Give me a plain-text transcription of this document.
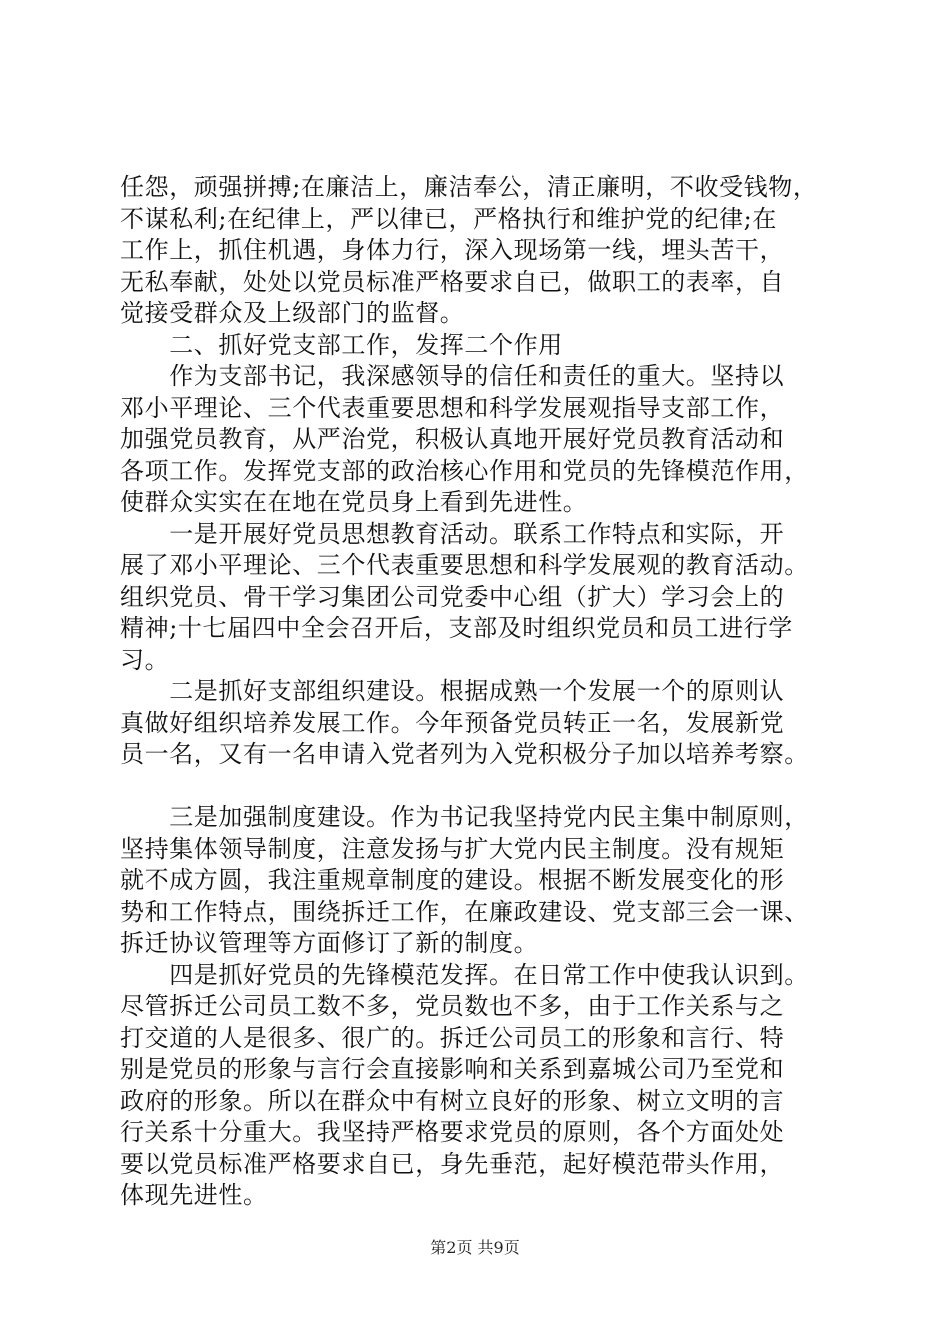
任怨，顽强拼搏;在廉洁上，廉洁奉公，清正廉明，不收受钱物，
不谋私利;在纪律上，严以律已，严格执行和维护党的纪律;在
工作上，抓住机遇，身体力行，深入现场第一线，埋头苦干，
无私奉献，处处以党员标准严格要求自已，做职工的表率，自
觉接受群众及上级部门的监督。
　　二、抓好党支部工作，发挥二个作用
　　作为支部书记，我深感领导的信任和责任的重大。坚持以
邓小平理论、三个代表重要思想和科学发展观指导支部工作，
加强党员教育，从严治党，积极认真地开展好党员教育活动和
各项工作。发挥党支部的政治核心作用和党员的先锋模范作用，
使群众实实在在地在党员身上看到先进性。
　　一是开展好党员思想教育活动。联系工作特点和实际，开
展了邓小平理论、三个代表重要思想和科学发展观的教育活动。
组织党员、骨干学习集团公司党委中心组（扩大）学习会上的
精神;十七届四中全会召开后，支部及时组织党员和员工进行学
习。
　　二是抓好支部组织建设。根据成熟一个发展一个的原则认
真做好组织培养发展工作。今年预备党员转正一名，发展新党
员一名，又有一名申请入党者列为入党积极分子加以培养考察。
　　三是加强制度建设。作为书记我坚持党内民主集中制原则，
坚持集体领导制度，注意发扬与扩大党内民主制度。没有规矩
就不成方圆，我注重规章制度的建设。根据不断发展变化的形
势和工作特点，围绕拆迁工作，在廉政建设、党支部三会一课、
拆迁协议管理等方面修订了新的制度。
　　四是抓好党员的先锋模范发挥。在日常工作中使我认识到。
尽管拆迁公司员工数不多，党员数也不多，由于工作关系与之
打交道的人是很多、很广的。拆迁公司员工的形象和言行、特
别是党员的形象与言行会直接影响和关系到嘉城公司乃至党和
政府的形象。所以在群众中有树立良好的形象、树立文明的言
行关系十分重大。我坚持严格要求党员的原则，各个方面处处
要以党员标准严格要求自已，身先垂范，起好模范带头作用，
体现先进性。
第2页 共9页
